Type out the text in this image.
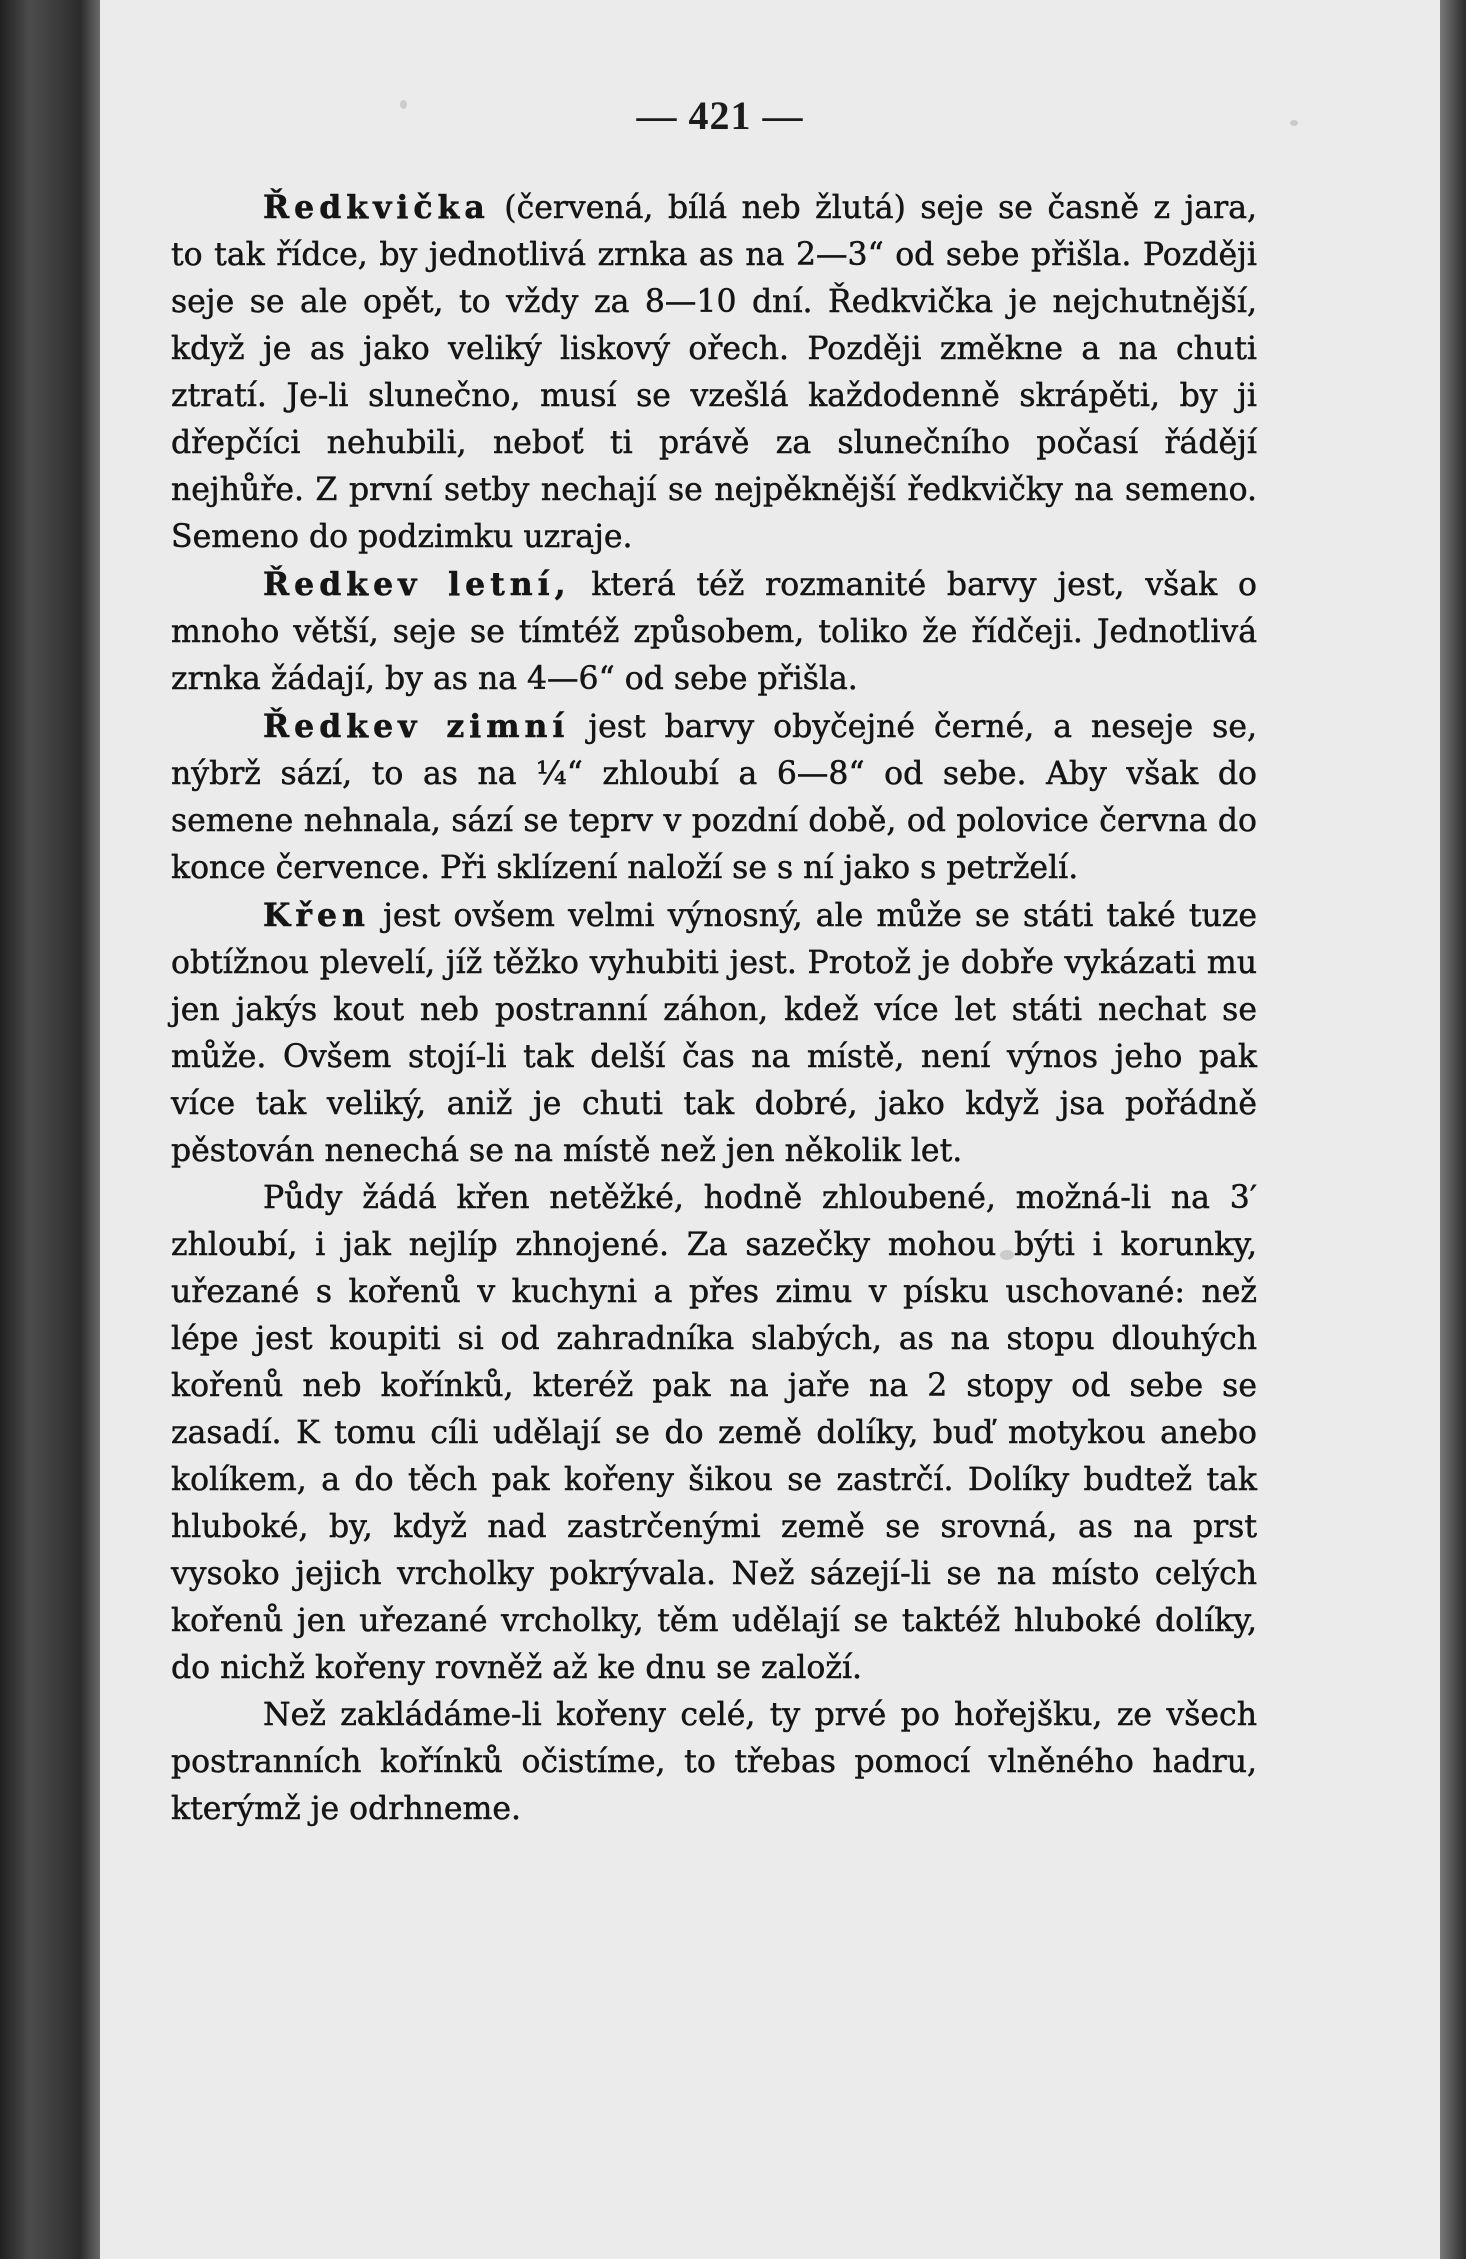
— 421 —

Ředkvička (červená, bílá neb žlutá) seje se časně z jara, to tak řídce, by jednotlivá zrnka as na 2—3“ od sebe přišla. Později seje se ale opět, to vždy za 8—10 dní. Ředkvička je nejchutnější, když je as jako veliký liskový ořech. Později změkne a na chuti ztratí. Je-li slunečno, musí se vzešlá každodenně skrápěti, by ji dřepčíci nehubili, neboť ti právě za slunečního počasí řádějí nejhůře. Z první setby nechají se nejpěknější ředkvičky na semeno. Semeno do podzimku uzraje.

Ředkev letní, která též rozmanité barvy jest, však o mnoho větší, seje se tímtéž způsobem, toliko že řídčeji. Jednotlivá zrnka žádají, by as na 4—6“ od sebe přišla.

Ředkev zimní jest barvy obyčejné černé, a neseje se, nýbrž sází, to as na ¼“ zhloubí a 6—8“ od sebe. Aby však do semene nehnala, sází se teprv v pozdní době, od polovice června do konce července. Při sklízení naloží se s ní jako s petrželí.

Křen jest ovšem velmi výnosný, ale může se státi také tuze obtížnou plevelí, jíž těžko vyhubiti jest. Protož je dobře vykázati mu jen jakýs kout neb postranní záhon, kdež více let státi nechat se může. Ovšem stojí-li tak delší čas na místě, není výnos jeho pak více tak veliký, aniž je chuti tak dobré, jako když jsa pořádně pěstován nenechá se na místě než jen několik let.

Půdy žádá křen netěžké, hodně zhloubené, možná-li na 3′ zhloubí, i jak nejlíp zhnojené. Za sazečky mohou býti i korunky, uřezané s kořenů v kuchyni a přes zimu v písku uschované: než lépe jest koupiti si od zahradníka slabých, as na stopu dlouhých kořenů neb kořínků, kteréž pak na jaře na 2 stopy od sebe se zasadí. K tomu cíli udělají se do země dolíky, buď motykou anebo kolíkem, a do těch pak kořeny šikou se zastrčí. Dolíky budtež tak hluboké, by, když nad zastrčenými země se srovná, as na prst vysoko jejich vrcholky pokrývala. Než sázejí-li se na místo celých kořenů jen uřezané vrcholky, těm udělají se taktéž hluboké dolíky, do nichž kořeny rovněž až ke dnu se založí.

Než zakládáme-li kořeny celé, ty prvé po hořejšku, ze všech postranních kořínků očistíme, to třebas pomocí vlněného hadru, kterýmž je odrhneme.
